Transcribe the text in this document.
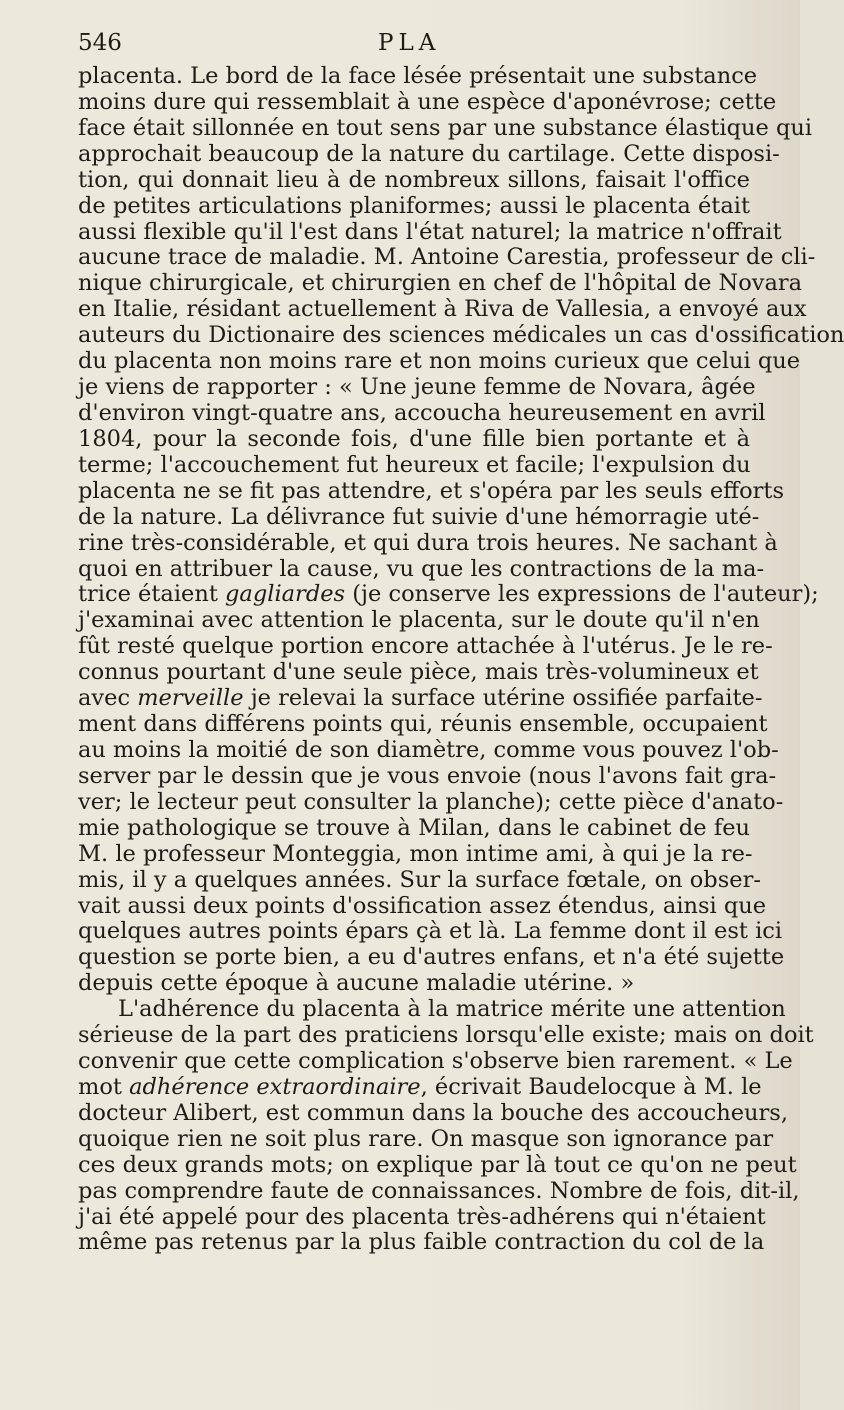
546	PLA
placenta. Le bord de la face lésée présentait une substance
moins dure qui ressemblait à une espèce d'aponévrose; cette
face était sillonnée en tout sens par une substance élastique qui
approchait beaucoup de la nature du cartilage. Cette disposi-
tion, qui donnait lieu à de nombreux sillons, faisait l'office
de petites articulations planiformes; aussi le placenta était
aussi flexible qu'il l'est dans l'état naturel; la matrice n'offrait
aucune trace de maladie. M. Antoine Carestia, professeur de cli-
nique chirurgicale, et chirurgien en chef de l'hôpital de Novara
en Italie, résidant actuellement à Riva de Vallesia, a envoyé aux
auteurs du Dictionaire des sciences médicales un cas d'ossification
du placenta non moins rare et non moins curieux que celui que
je viens de rapporter : « Une jeune femme de Novara, âgée
d'environ vingt-quatre ans, accoucha heureusement en avril
1804, pour la seconde fois, d'une fille bien portante et à
terme; l'accouchement fut heureux et facile; l'expulsion du
placenta ne se fit pas attendre, et s'opéra par les seuls efforts
de la nature. La délivrance fut suivie d'une hémorragie uté-
rine très-considérable, et qui dura trois heures. Ne sachant à
quoi en attribuer la cause, vu que les contractions de la ma-
trice étaient gagliardes (je conserve les expressions de l'auteur);
j'examinai avec attention le placenta, sur le doute qu'il n'en
fût resté quelque portion encore attachée à l'utérus. Je le re-
connus pourtant d'une seule pièce, mais très-volumineux et
avec merveille je relevai la surface utérine ossifiée parfaite-
ment dans différens points qui, réunis ensemble, occupaient
au moins la moitié de son diamètre, comme vous pouvez l'ob-
server par le dessin que je vous envoie (nous l'avons fait gra-
ver; le lecteur peut consulter la planche); cette pièce d'anato-
mie pathologique se trouve à Milan, dans le cabinet de feu
M. le professeur Monteggia, mon intime ami, à qui je la re-
mis, il y a quelques années. Sur la surface fœtale, on obser-
vait aussi deux points d'ossification assez étendus, ainsi que
quelques autres points épars çà et là. La femme dont il est ici
question se porte bien, a eu d'autres enfans, et n'a été sujette
depuis cette époque à aucune maladie utérine. »
L'adhérence du placenta à la matrice mérite une attention
sérieuse de la part des praticiens lorsqu'elle existe; mais on doit
convenir que cette complication s'observe bien rarement. « Le
mot adhérence extraordinaire, écrivait Baudelocque à M. le
docteur Alibert, est commun dans la bouche des accoucheurs,
quoique rien ne soit plus rare. On masque son ignorance par
ces deux grands mots; on explique par là tout ce qu'on ne peut
pas comprendre faute de connaissances. Nombre de fois, dit-il,
j'ai été appelé pour des placenta très-adhérens qui n'étaient
même pas retenus par la plus faible contraction du col de la
